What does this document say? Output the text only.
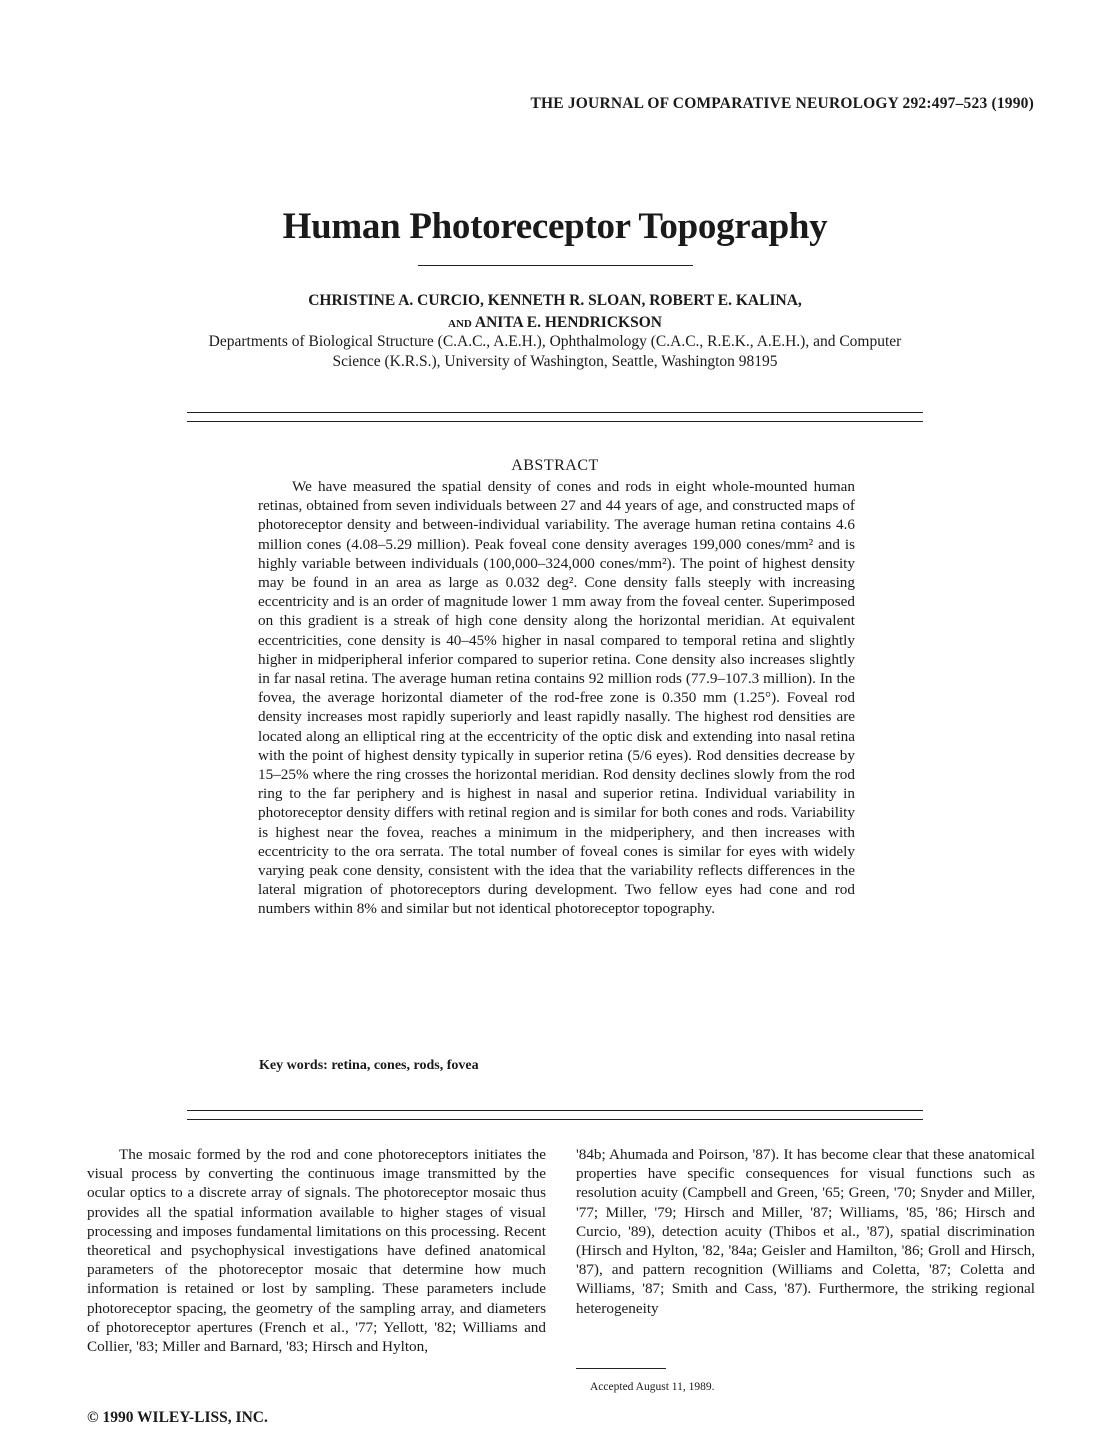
THE JOURNAL OF COMPARATIVE NEUROLOGY 292:497–523 (1990)
Human Photoreceptor Topography
CHRISTINE A. CURCIO, KENNETH R. SLOAN, ROBERT E. KALINA,
AND ANITA E. HENDRICKSON
Departments of Biological Structure (C.A.C., A.E.H.), Ophthalmology (C.A.C., R.E.K., A.E.H.), and Computer Science (K.R.S.), University of Washington, Seattle, Washington 98195
ABSTRACT
We have measured the spatial density of cones and rods in eight whole-mounted human retinas, obtained from seven individuals between 27 and 44 years of age, and constructed maps of photoreceptor density and between-individual variability. The average human retina contains 4.6 million cones (4.08–5.29 million). Peak foveal cone density averages 199,000 cones/mm² and is highly variable between individuals (100,000–324,000 cones/mm²). The point of highest density may be found in an area as large as 0.032 deg². Cone density falls steeply with increasing eccentricity and is an order of magnitude lower 1 mm away from the foveal center. Superimposed on this gradient is a streak of high cone density along the horizontal meridian. At equivalent eccentricities, cone density is 40–45% higher in nasal compared to temporal retina and slightly higher in midperipheral inferior compared to superior retina. Cone density also increases slightly in far nasal retina. The average human retina contains 92 million rods (77.9–107.3 million). In the fovea, the average horizontal diameter of the rod-free zone is 0.350 mm (1.25°). Foveal rod density increases most rapidly superiorly and least rapidly nasally. The highest rod densities are located along an elliptical ring at the eccentricity of the optic disk and extending into nasal retina with the point of highest density typically in superior retina (5/6 eyes). Rod densities decrease by 15–25% where the ring crosses the horizontal meridian. Rod density declines slowly from the rod ring to the far periphery and is highest in nasal and superior retina. Individual variability in photoreceptor density differs with retinal region and is similar for both cones and rods. Variability is highest near the fovea, reaches a minimum in the midperiphery, and then increases with eccentricity to the ora serrata. The total number of foveal cones is similar for eyes with widely varying peak cone density, consistent with the idea that the variability reflects differences in the lateral migration of photoreceptors during development. Two fellow eyes had cone and rod numbers within 8% and similar but not identical photoreceptor topography.
Key words: retina, cones, rods, fovea
The mosaic formed by the rod and cone photoreceptors initiates the visual process by converting the continuous image transmitted by the ocular optics to a discrete array of signals. The photoreceptor mosaic thus provides all the spatial information available to higher stages of visual processing and imposes fundamental limitations on this processing. Recent theoretical and psychophysical investigations have defined anatomical parameters of the photoreceptor mosaic that determine how much information is retained or lost by sampling. These parameters include photoreceptor spacing, the geometry of the sampling array, and diameters of photoreceptor apertures (French et al., '77; Yellott, '82; Williams and Collier, '83; Miller and Barnard, '83; Hirsch and Hylton,
'84b; Ahumada and Poirson, '87). It has become clear that these anatomical properties have specific consequences for visual functions such as resolution acuity (Campbell and Green, '65; Green, '70; Snyder and Miller, '77; Miller, '79; Hirsch and Miller, '87; Williams, '85, '86; Hirsch and Curcio, '89), detection acuity (Thibos et al., '87), spatial discrimination (Hirsch and Hylton, '82, '84a; Geisler and Hamilton, '86; Groll and Hirsch, '87), and pattern recognition (Williams and Coletta, '87; Coletta and Williams, '87; Smith and Cass, '87). Furthermore, the striking regional heterogeneity
Accepted August 11, 1989.
© 1990 WILEY-LISS, INC.
